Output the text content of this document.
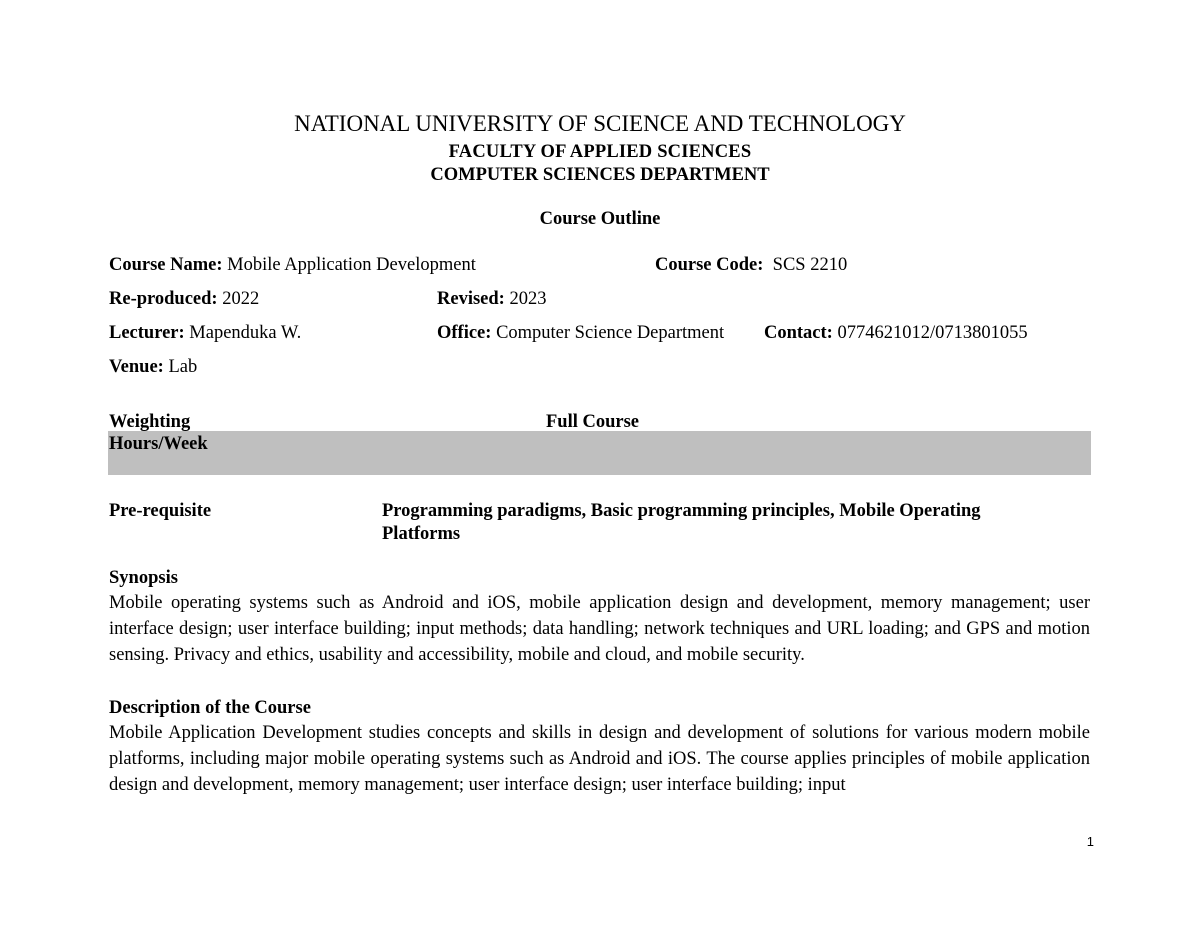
NATIONAL UNIVERSITY OF SCIENCE AND TECHNOLOGY
FACULTY OF APPLIED SCIENCES
COMPUTER SCIENCES DEPARTMENT
Course Outline
Course Name: Mobile Application Development	Course Code: SCS 2210
Re-produced: 2022	Revised: 2023
Lecturer: Mapenduka W.	Office: Computer Science Department Contact: 0774621012/0713801055
Venue: Lab
Weighting	Full Course
Hours/Week
Pre-requisite	Programming paradigms, Basic programming principles, Mobile Operating
Platforms
Synopsis
Mobile operating systems such as Android and iOS, mobile application design and development, memory management; user interface design; user interface building; input methods; data handling; network techniques and URL loading; and GPS and motion sensing. Privacy and ethics, usability and accessibility, mobile and cloud, and mobile security.
Description of the Course
Mobile Application Development studies concepts and skills in design and development of solutions for various modern mobile platforms, including major mobile operating systems such as Android and iOS. The course applies principles of mobile application design and development, memory management; user interface design; user interface building; input
1
